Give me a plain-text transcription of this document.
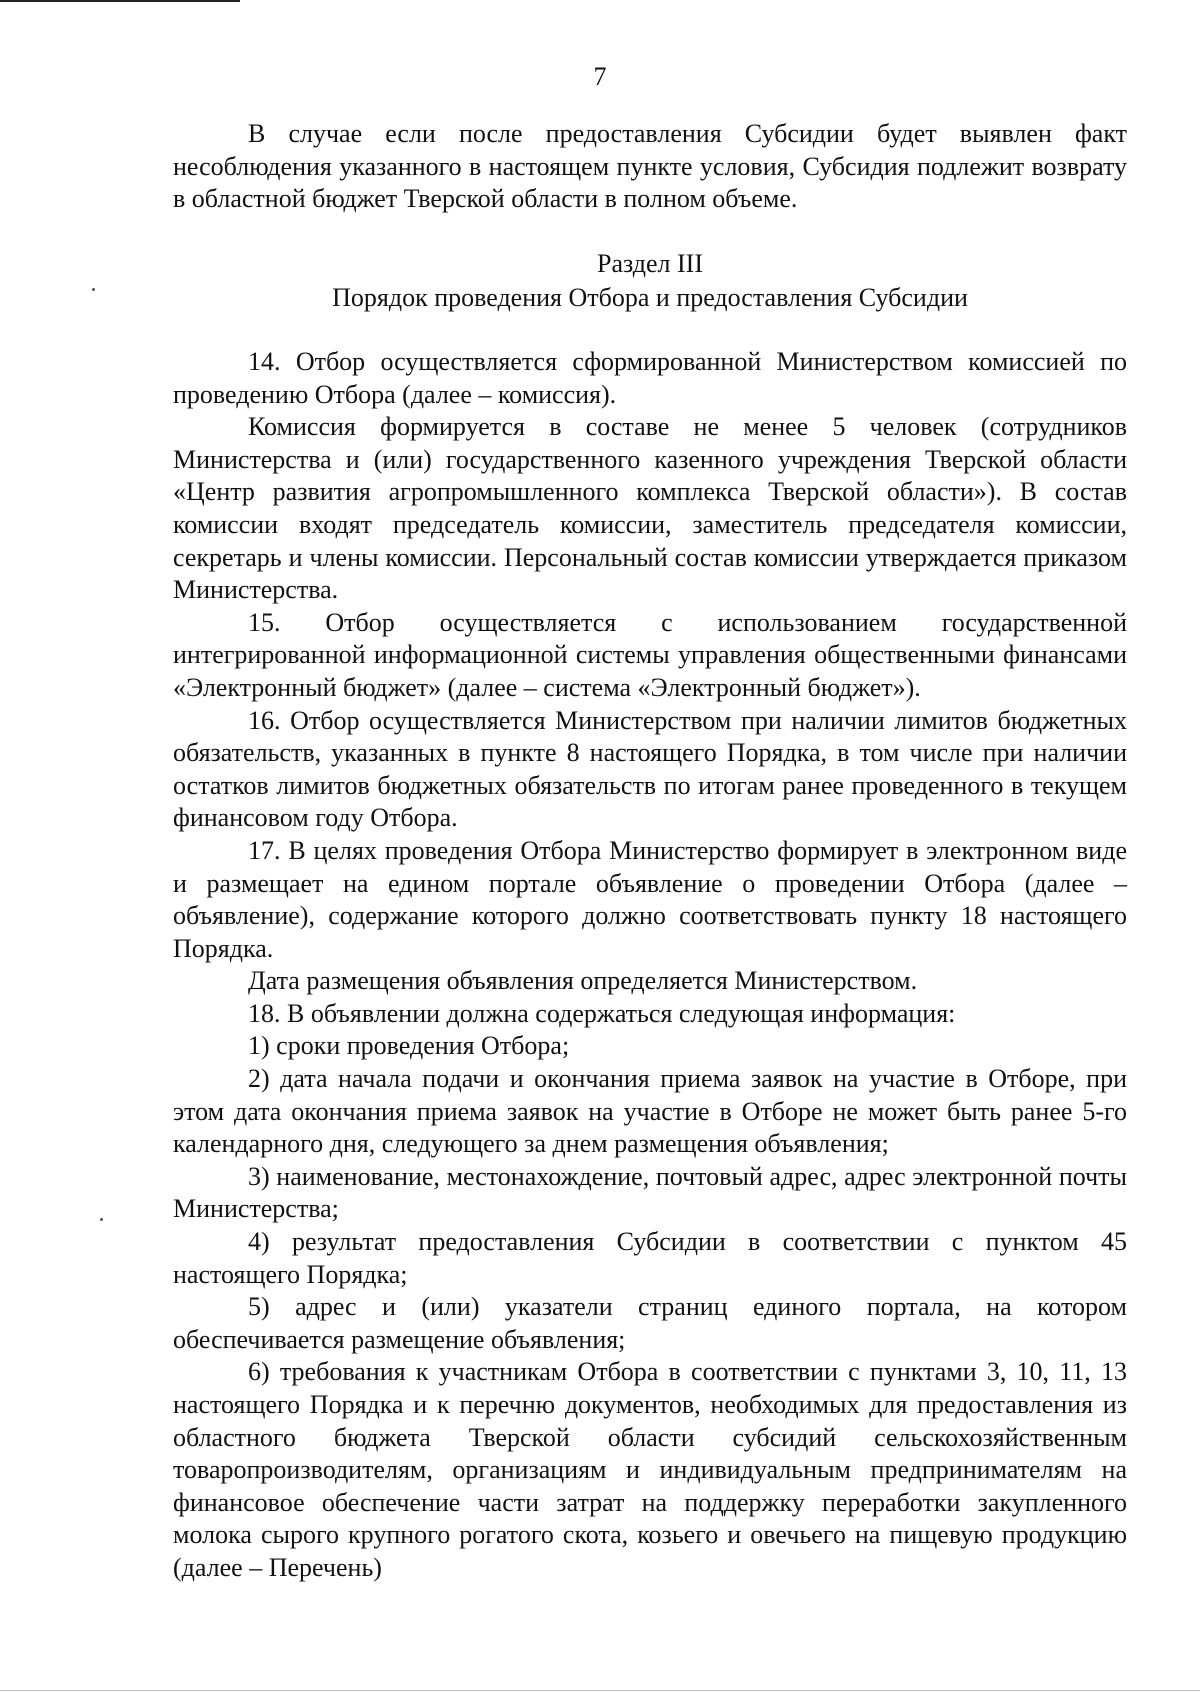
7

В случае если после предоставления Субсидии будет выявлен факт несоблюдения указанного в настоящем пункте условия, Субсидия подлежит возврату в областной бюджет Тверской области в полном объеме.

Раздел III
Порядок проведения Отбора и предоставления Субсидии

14. Отбор осуществляется сформированной Министерством комиссией по проведению Отбора (далее – комиссия).

Комиссия формируется в составе не менее 5 человек (сотрудников Министерства и (или) государственного казенного учреждения Тверской области «Центр развития агропромышленного комплекса Тверской области»). В состав комиссии входят председатель комиссии, заместитель председателя комиссии, секретарь и члены комиссии. Персональный состав комиссии утверждается приказом Министерства.

15. Отбор осуществляется с использованием государственной интегрированной информационной системы управления общественными финансами «Электронный бюджет» (далее – система «Электронный бюджет»).

16. Отбор осуществляется Министерством при наличии лимитов бюджетных обязательств, указанных в пункте 8 настоящего Порядка, в том числе при наличии остатков лимитов бюджетных обязательств по итогам ранее проведенного в текущем финансовом году Отбора.

17. В целях проведения Отбора Министерство формирует в электронном виде и размещает на едином портале объявление о проведении Отбора (далее – объявление), содержание которого должно соответствовать пункту 18 настоящего Порядка.

Дата размещения объявления определяется Министерством.

18. В объявлении должна содержаться следующая информация:

1) сроки проведения Отбора;

2) дата начала подачи и окончания приема заявок на участие в Отборе, при этом дата окончания приема заявок на участие в Отборе не может быть ранее 5-го календарного дня, следующего за днем размещения объявления;

3) наименование, местонахождение, почтовый адрес, адрес электронной почты Министерства;

4) результат предоставления Субсидии в соответствии с пунктом 45 настоящего Порядка;

5) адрес и (или) указатели страниц единого портала, на котором обеспечивается размещение объявления;

6) требования к участникам Отбора в соответствии с пунктами 3, 10, 11, 13 настоящего Порядка и к перечню документов, необходимых для предоставления из областного бюджета Тверской области субсидий сельскохозяйственным товаропроизводителям, организациям и индивидуальным предпринимателям на финансовое обеспечение части затрат на поддержку переработки закупленного молока сырого крупного рогатого скота, козьего и овечьего на пищевую продукцию (далее – Перечень)
